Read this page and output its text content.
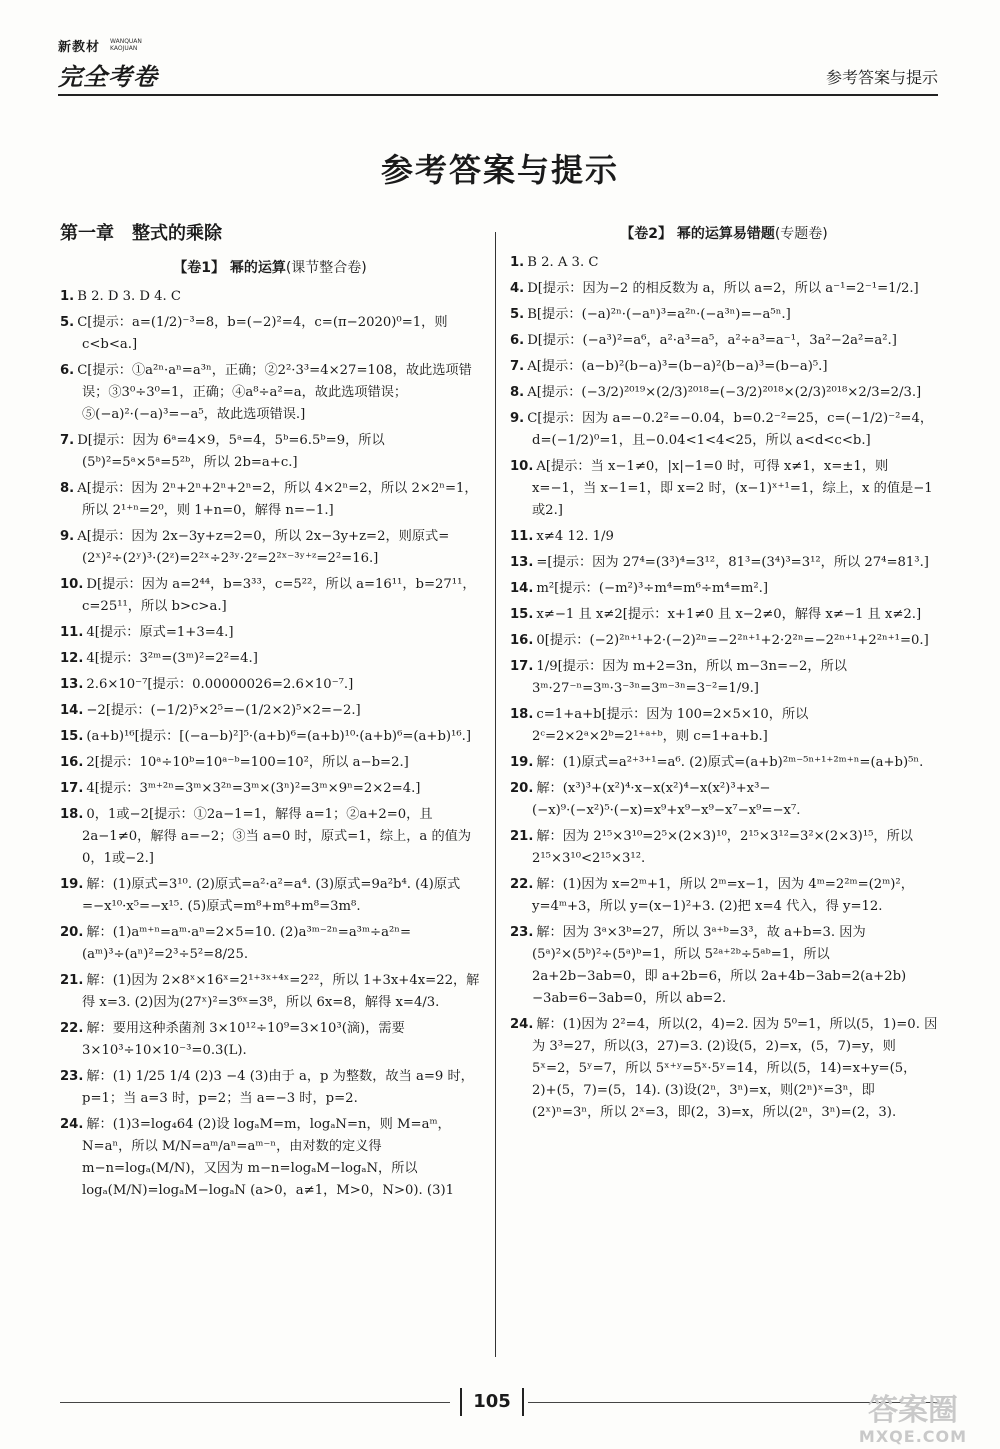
新教材	WANQUAN KAOJUAN
完全考卷	参考答案与提示
参考答案与提示
第一章 整式的乘除
【卷1】 幂的运算(课节整合卷)
1. B 2. D 3. D 4. C
5. C[提示：a=(1/2)⁻³=8，b=(−2)²=4，c=(π−2020)⁰=1，则 c<b<a.]
6. C[提示：①a²ⁿ·aⁿ=a³ⁿ，正确；②2²·3³=4×27=108，故此选项错误；③3⁰÷3⁰=1，正确；④a⁸÷a²=a，故此选项错误；⑤(−a)²·(−a)³=−a⁵，故此选项错误.]
7. D[提示：因为 6ᵃ=4×9，5ᵃ=4，5ᵇ=6.5ᵇ=9，所以(5ᵇ)²=5ᵃ×5ᵃ=5²ᵇ，所以 2b=a+c.]
8. A[提示：因为 2ⁿ+2ⁿ+2ⁿ+2ⁿ=2，所以 4×2ⁿ=2，所以 2×2ⁿ=1，所以 2¹⁺ⁿ=2⁰，则 1+n=0，解得 n=−1.]
9. A[提示：因为 2x−3y+z=2=0，所以 2x−3y+z=2，则原式=(2ˣ)²÷(2ʸ)³·(2ᶻ)=2²ˣ÷2³ʸ·2ᶻ=2²ˣ⁻³ʸ⁺ᶻ=2²=16.]
10. D[提示：因为 a=2⁴⁴，b=3³³，c=5²²，所以 a=16¹¹，b=27¹¹，c=25¹¹，所以 b>c>a.]
11. 4[提示：原式=1+3=4.]
12. 4[提示：3²ᵐ=(3ᵐ)²=2²=4.]
13. 2.6×10⁻⁷[提示：0.00000026=2.6×10⁻⁷.]
14. −2[提示：(−1/2)⁵×2⁵=−(1/2×2)⁵×2=−2.]
15. (a+b)¹⁶[提示：[(−a−b)²]⁵·(a+b)⁶=(a+b)¹⁰·(a+b)⁶=(a+b)¹⁶.]
16. 2[提示：10ᵃ÷10ᵇ=10ᵃ⁻ᵇ=100=10²，所以 a−b=2.]
17. 4[提示：3ᵐ⁺²ⁿ=3ᵐ×3²ⁿ=3ᵐ×(3ⁿ)²=3ᵐ×9ⁿ=2×2=4.]
18. 0，1或−2[提示：①2a−1=1，解得 a=1；②a+2=0，且 2a−1≠0，解得 a=−2；③当 a=0 时，原式=1，综上，a 的值为 0，1或−2.]
19. 解：(1)原式=3¹⁰. (2)原式=a²·a²=a⁴. (3)原式=9a²b⁴. (4)原式=−x¹⁰·x⁵=−x¹⁵. (5)原式=m⁸+m⁸+m⁸=3m⁸.
20. 解：(1)aᵐ⁺ⁿ=aᵐ·aⁿ=2×5=10. (2)a³ᵐ⁻²ⁿ=a³ᵐ÷a²ⁿ=(aᵐ)³÷(aⁿ)²=2³÷5²=8/25.
21. 解：(1)因为 2×8ˣ×16ˣ=2¹⁺³ˣ⁺⁴ˣ=2²²，所以 1+3x+4x=22，解得 x=3. (2)因为(27ˣ)²=3⁶ˣ=3⁸，所以 6x=8，解得 x=4/3.
22. 解：要用这种杀菌剂 3×10¹²÷10⁹=3×10³(滴)，需要 3×10³÷10×10⁻³=0.3(L).
23. 解：(1) 1/25 1/4 (2)3 −4 (3)由于 a，p 为整数，故当 a=9 时，p=1；当 a=3 时，p=2；当 a=−3 时，p=2.
24. 解：(1)3=log₄64 (2)设 logₐM=m，logₐN=n，则 M=aᵐ，N=aⁿ，所以 M/N=aᵐ/aⁿ=aᵐ⁻ⁿ，由对数的定义得 m−n=logₐ(M/N)，又因为 m−n=logₐM−logₐN，所以 logₐ(M/N)=logₐM−logₐN (a>0，a≠1，M>0，N>0). (3)1
【卷2】 幂的运算易错题(专题卷)
1. B 2. A 3. C
4. D[提示：因为−2 的相反数为 a，所以 a=2，所以 a⁻¹=2⁻¹=1/2.]
5. B[提示：(−a)²ⁿ·(−aⁿ)³=a²ⁿ·(−a³ⁿ)=−a⁵ⁿ.]
6. D[提示：(−a³)²=a⁶，a²·a³=a⁵，a²÷a³=a⁻¹，3a²−2a²=a².]
7. A[提示：(a−b)²(b−a)³=(b−a)²(b−a)³=(b−a)⁵.]
8. A[提示：(−3/2)²⁰¹⁹×(2/3)²⁰¹⁸=(−3/2)²⁰¹⁸×(2/3)²⁰¹⁸×2/3=2/3.]
9. C[提示：因为 a=−0.2²=−0.04，b=0.2⁻²=25，c=(−1/2)⁻²=4，d=(−1/2)⁰=1，且−0.04<1<4<25，所以 a<d<c<b.]
10. A[提示：当 x−1≠0，|x|−1=0 时，可得 x≠1，x=±1，则 x=−1，当 x−1=1，即 x=2 时，(x−1)ˣ⁺¹=1，综上，x 的值是−1或2.]
11. x≠4 12. 1/9
13. =[提示：因为 27⁴=(3³)⁴=3¹²，81³=(3⁴)³=3¹²，所以 27⁴=81³.]
14. m²[提示：(−m²)³÷m⁴=m⁶÷m⁴=m².]
15. x≠−1 且 x≠2[提示：x+1≠0 且 x−2≠0，解得 x≠−1 且 x≠2.]
16. 0[提示：(−2)²ⁿ⁺¹+2·(−2)²ⁿ=−2²ⁿ⁺¹+2·2²ⁿ=−2²ⁿ⁺¹+2²ⁿ⁺¹=0.]
17. 1/9[提示：因为 m+2=3n，所以 m−3n=−2，所以 3ᵐ·27⁻ⁿ=3ᵐ·3⁻³ⁿ=3ᵐ⁻³ⁿ=3⁻²=1/9.]
18. c=1+a+b[提示：因为 100=2×5×10，所以 2ᶜ=2×2ᵃ×2ᵇ=2¹⁺ᵃ⁺ᵇ，则 c=1+a+b.]
19. 解：(1)原式=a²⁺³⁺¹=a⁶. (2)原式=(a+b)²ᵐ⁻⁵ⁿ⁺¹⁺²ᵐ⁺ⁿ=(a+b)⁵ⁿ.
20. 解：(x³)³+(x²)⁴·x−x(x²)⁴−x(x²)³+x³−(−x)⁹·(−x²)⁵·(−x)=x⁹+x⁹−x⁹−x⁷−x⁹=−x⁷.
21. 解：因为 2¹⁵×3¹⁰=2⁵×(2×3)¹⁰，2¹⁵×3¹²=3²×(2×3)¹⁵，所以 2¹⁵×3¹⁰<2¹⁵×3¹².
22. 解：(1)因为 x=2ᵐ+1，所以 2ᵐ=x−1，因为 4ᵐ=2²ᵐ=(2ᵐ)²，y=4ᵐ+3，所以 y=(x−1)²+3. (2)把 x=4 代入，得 y=12.
23. 解：因为 3ᵃ×3ᵇ=27，所以 3ᵃ⁺ᵇ=3³，故 a+b=3. 因为(5ᵃ)²×(5ᵇ)²÷(5ᵃ)ᵇ=1，所以 5²ᵃ⁺²ᵇ÷5ᵃᵇ=1，所以 2a+2b−3ab=0，即 a+2b=6，所以 2a+4b−3ab=2(a+2b)−3ab=6−3ab=0，所以 ab=2.
24. 解：(1)因为 2²=4，所以(2，4)=2. 因为 5⁰=1，所以(5，1)=0. 因为 3³=27，所以(3，27)=3. (2)设(5，2)=x，(5，7)=y，则 5ˣ=2，5ʸ=7，所以 5ˣ⁺ʸ=5ˣ·5ʸ=14，所以(5，14)=x+y=(5，2)+(5，7)=(5，14). (3)设(2ⁿ，3ⁿ)=x，则(2ⁿ)ˣ=3ⁿ，即(2ˣ)ⁿ=3ⁿ，所以 2ˣ=3，即(2，3)=x，所以(2ⁿ，3ⁿ)=(2，3).
105	答案圈
MXQE.COM
